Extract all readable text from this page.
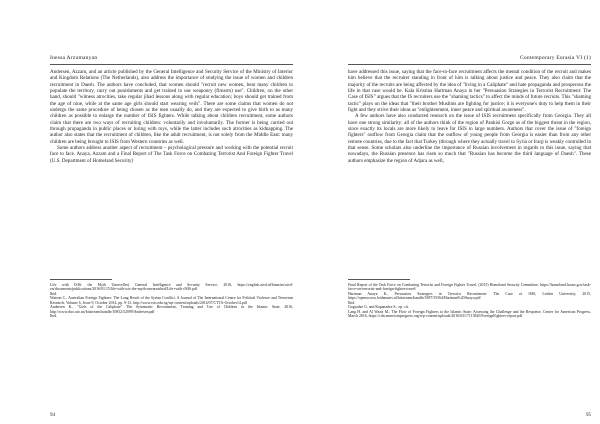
Inessa Arzumanyan

Andersen, Azzam, and an article published by the General Intelligence and Security Service of the Ministry of Interior and Kingdom Relations (The Netherlands), also address the importance of studying the issue of women and children recruitment in Daesh. The authors have concluded, that women should "recruit new women, bear many children to populate the territory, carry out punishments and get trained to use weaponry (firearm) use". Children, on the other hand, should "witness atrocities, take regular jihad lessons along with regular education; boys should get trained from the age of nine, while at the same age girls should start wearing veils". There are some claims that women do not undergo the same procedure of being chosen as the men usually do, and they are expected to give birth to as many children as possible to enlarge the number of ISIS fighters. While talking about children recruitment, some authors claim that there are two ways of recruiting children: voluntarily and involuntarily. The former is being carried out through propaganda in public places or luring with toys, while the latter includes such atrocities as kidnapping. The author also states that the recruitment of children, like the adult recruitment, is not solely from the Middle East: many children are being brought to ISIS from Western countries as well.

Some authors address another aspect of recruitment – psychological pressure and working with the potential recruit face to face. Anaya, Azzam and a Final Report of The Task Force on Combating Terrorist And Foreign Fighter Travel (U.S. Department of Homeland Security)

Life with ISIS: the Myth Unravelled, General Intelligence and Security Service, 2016, https://english.aivd.nl/binaries/aivd-en/documents/publications/2016/01/15/life-with-isis-the-myth-unvarnished/Life+with+ISIS.pdf

Ibid.

Watson C., Australian Foreign Fighters: The Long Reach of the Syrian Conflict, A Journal of The International Centre for Political Violence and Terrorism Research, Volume 6, Issue 9, October 2014, pp. 9-13, http://www.rsis.edu.sg/wp-content/uploads/2014/07/CTTA-October14.pdf

Andersen K., "Girls of the Caliphate" The Systematic Recruitment, Training and Use of Children in the Islamic State, 2016, http://www.duo.uio.no/bitstream/handle/10852/52099/Andersen.pdf

Ibid.

94
Contemporary Eurasia VI (1)

have addressed this issue, saying that the face-to-face recruitment affects the mental condition of the recruit and makes him believe that the recruiter standing in front of him is talking about justice and peace. They also claim that the majority of the recruits are being affected by the idea of "living in a Caliphate" and hate propaganda and prosperous the life in that case would be. Kala Kristina Hartman Anaya in her "Persuasion Strategies in Terrorist Recruitment: The Case of ISIS" argues that the IS recruiters use the "shaming tactics" to affect the minds of future recruits. This "shaming tactic" plays on the ideas that "their brother Muslims are fighting for justice; it is everyone's duty to help them in their fight and they strive their ideas as "enlightenment, inner peace and spiritual awareness".

A few authors have also conducted research on the issue of ISIS recruitment specifically from Georgia. They all have one strong similarity: all of the authors think of the region of Pankisi Gorge as of the biggest threat in the region, since exactly its locals are more likely to leave for ISIS in large numbers. Authors that cover the issue of "foreign fighters" outflow from Georgia claim that the outflow of young people from Georgia is easier than from any other remote countries, due to the fact that Turkey (through where they actually travel to Syria or Iraq) is weakly controlled in that sense. Some scholars also underline the importance of Russian involvement in regards to this issue, saying that nowadays, the Russian presence has risen so much that "Russian has become the third language of Daesh". These authors emphasize the region of Adjara as well,

Final Report of the Task Force on Combating Terrorist and Foreign Fighter Travel, (2015) Homeland Security Committee, https://homeland.house.gov/task-force-on-terrorist-and-foreign-fighter-travel/

Hartman Anaya K., Persuasion Strategies in Terrorist Recruitment: The Case of ISIS, Leiden University, 2015, https://openaccess.leidenuniv.nl/bitstream/handle/1887/35564/Hartman%20Anaya.pdf

Ibid.

Gogsadze G. and Kapanadze S., op. cit.

Lang H. and Al Wazir M., The Flow of Foreign Fighters to the Islamic State: Assessing the Challenge and the Response, Center for American Progress, March 2016, https://cdn.americanprogress.org/wp-content/uploads/2016/03/17113820/ForeignFighters-report.pdf

95
